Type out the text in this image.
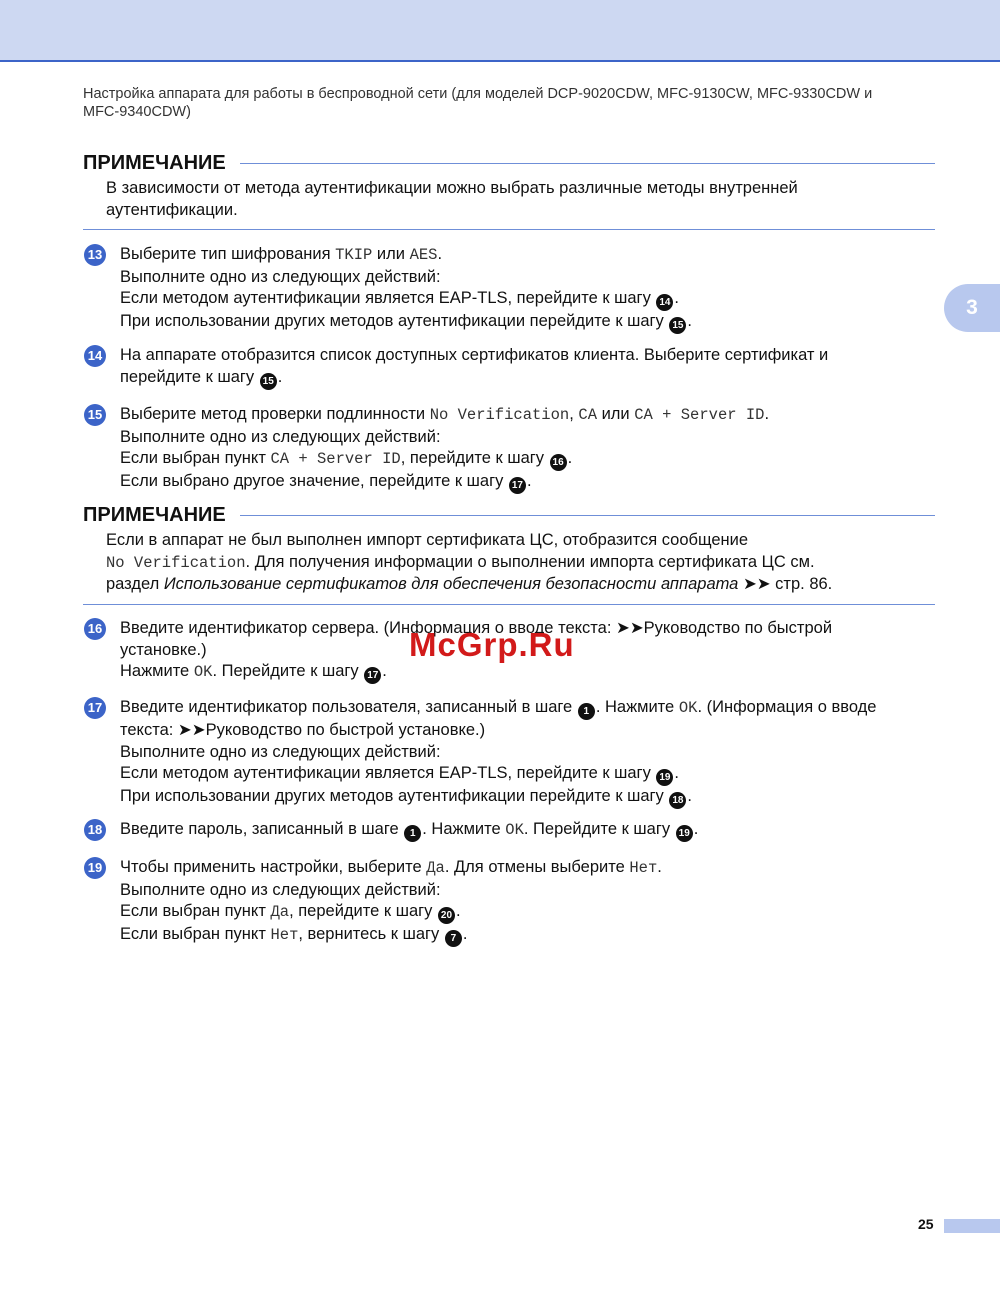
Настройка аппарата для работы в беспроводной сети (для моделей DCP-9020CDW, MFC-9130CW, MFC-9330CDW и
MFC-9340CDW)
3
ПРИМЕЧАНИЕ
В зависимости от метода аутентификации можно выбрать различные методы внутренней
аутентификации.
13 Выберите тип шифрования TKIP или AES.
Выполните одно из следующих действий:
Если методом аутентификации является EAP-TLS, перейдите к шагу 14 .
При использовании других методов аутентификации перейдите к шагу 15 .
14 На аппарате отобразится список доступных сертификатов клиента. Выберите сертификат и
перейдите к шагу 15 .
15 Выберите метод проверки подлинности No Verification, CA или CA + Server ID.
Выполните одно из следующих действий:
Если выбран пункт CA + Server ID, перейдите к шагу 16 .
Если выбрано другое значение, перейдите к шагу 17 .
ПРИМЕЧАНИЕ
Если в аппарат не был выполнен импорт сертификата ЦС, отобразится сообщение
No Verification. Для получения информации о выполнении импорта сертификата ЦС см.
раздел Использование сертификатов для обеспечения безопасности аппарата ➤➤ стр. 86.
16 Введите идентификатор сервера. (Информация о вводе текста: ➤➤Руководство по быстрой
установке.)
Нажмите OK. Перейдите к шагу 17 .
17 Введите идентификатор пользователя, записанный в шаге 1 . Нажмите OK. (Информация о вводе
текста: ➤➤Руководство по быстрой установке.)
Выполните одно из следующих действий:
Если методом аутентификации является EAP-TLS, перейдите к шагу 19 .
При использовании других методов аутентификации перейдите к шагу 18 .
18 Введите пароль, записанный в шаге 1 . Нажмите OK. Перейдите к шагу 19 .
19 Чтобы применить настройки, выберите Да. Для отмены выберите Нет.
Выполните одно из следующих действий:
Если выбран пункт Да, перейдите к шагу 20 .
Если выбран пункт Нет, вернитесь к шагу 7 .
McGrp.Ru
25
